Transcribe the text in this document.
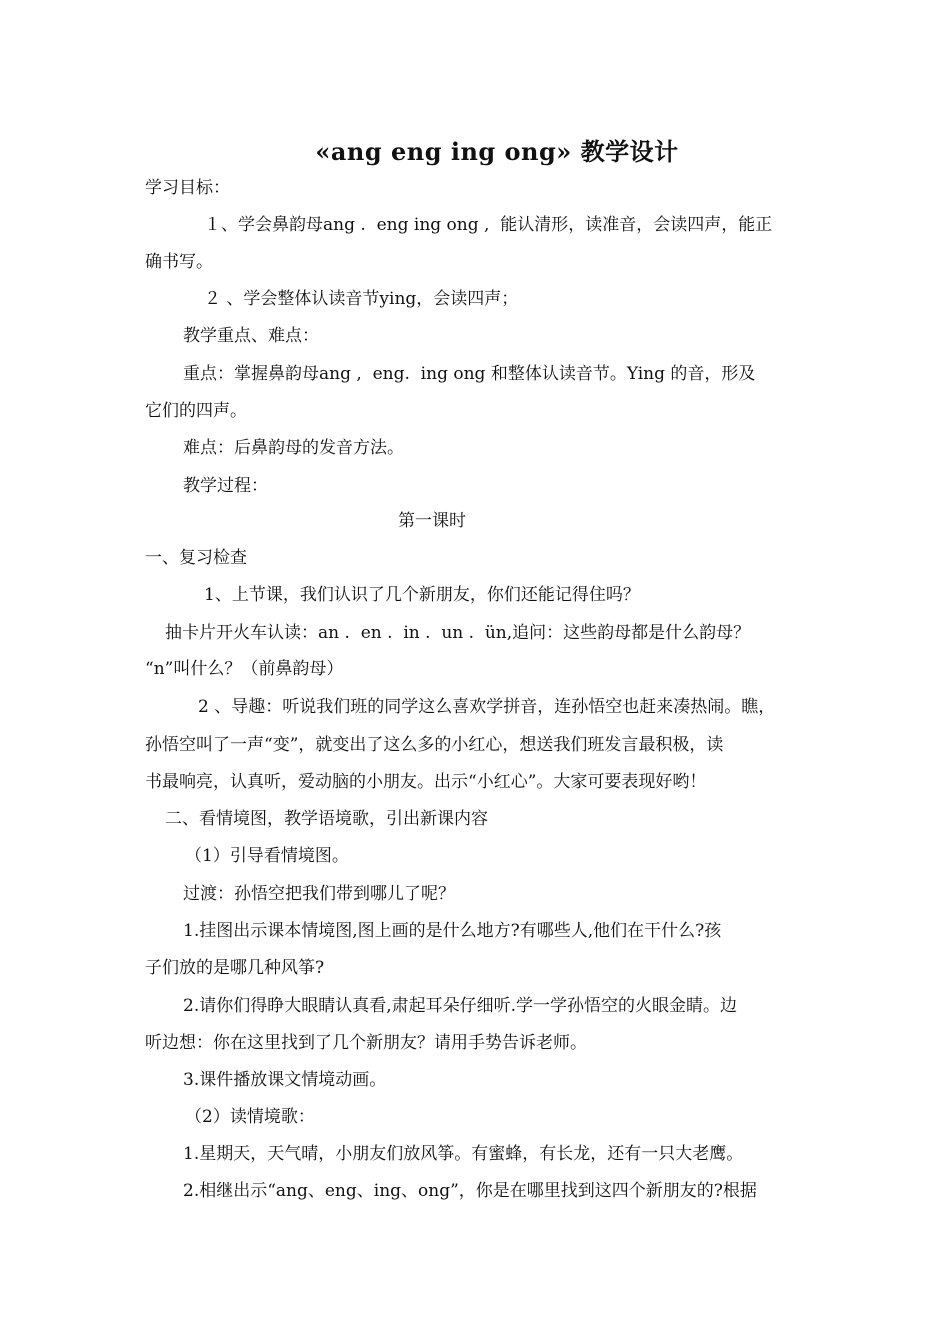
«ang eng ing ong» 教学设计

学习目标：

１、学会鼻韵母ang .  eng ing ong ,  能认清形，读准音，会读四声，能正

确书写。

２ 、学会整体认读音节ying，会读四声；

教学重点、难点：

重点：掌握鼻韵母ang ,  eng.  ing ong 和整体认读音节。Ying 的音，形及

它们的四声。

难点：后鼻韵母的发音方法。

教学过程：

第一课时

一、复习检查

1、上节课，我们认识了几个新朋友，你们还能记得住吗？

抽卡片开火车认读：an .  en .  in .  un .  ün,追问：这些韵母都是什么韵母？

“n”叫什么？（前鼻韵母）

2 、导趣：听说我们班的同学这么喜欢学拼音，连孙悟空也赶来凑热闹。瞧，

孙悟空叫了一声“变”，就变出了这么多的小红心，想送我们班发言最积极，读

书最响亮，认真听，爱动脑的小朋友。出示“小红心”。大家可要表现好哟！

二、看情境图，教学语境歌，引出新课内容

（1）引导看情境图。

过渡：孙悟空把我们带到哪儿了呢？

1.挂图出示课本情境图,图上画的是什么地方?有哪些人,他们在干什么?孩

子们放的是哪几种风筝?

2.请你们得睁大眼睛认真看,肃起耳朵仔细听.学一学孙悟空的火眼金睛。边

听边想：你在这里找到了几个新朋友？请用手势告诉老师。

3.课件播放课文情境动画。

（2）读情境歌：

1.星期天，天气晴，小朋友们放风筝。有蜜蜂，有长龙，还有一只大老鹰。

2.相继出示“ang、eng、ing、ong”，你是在哪里找到这四个新朋友的?根据
